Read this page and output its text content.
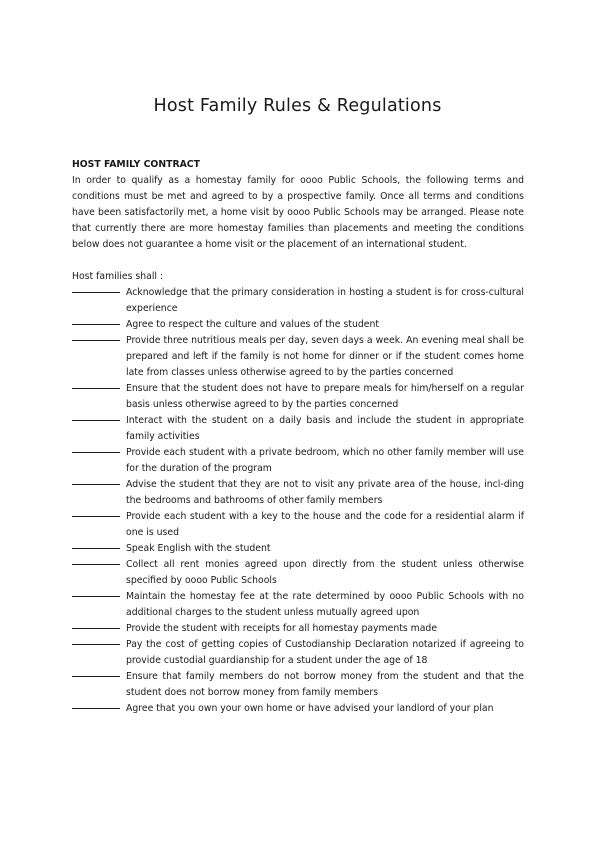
Host Family Rules & Regulations
HOST FAMILY CONTRACT
In order to qualify as a homestay family for oooo Public Schools, the following terms and conditions must be met and agreed to by a prospective family. Once all terms and conditions have been satisfactorily met, a home visit by oooo Public Schools may be arranged. Please note that currently there are more homestay families than placements and meeting the conditions below does not guarantee a home visit or the placement of an international student.
Host families shall :
Acknowledge that the primary consideration in hosting a student is for cross-cultural experience
Agree to respect the culture and values of the student
Provide three nutritious meals per day, seven days a week. An evening meal shall be prepared and left if the family is not home for dinner or if the student comes home late from classes unless otherwise agreed to by the parties concerned
Ensure that the student does not have to prepare meals for him/herself on a regular basis unless otherwise agreed to by the parties concerned
Interact with the student on a daily basis and include the student in appropriate family activities
Provide each student with a private bedroom, which no other family member will use for the duration of the program
Advise the student that they are not to visit any private area of the house, incl-ding the bedrooms and bathrooms of other family members
Provide each student with a key to the house and the code for a residential alarm if one is used
Speak English with the student
Collect all rent monies agreed upon directly from the student unless otherwise specified by oooo Public Schools
Maintain the homestay fee at the rate determined by oooo Public Schools with no additional charges to the student unless mutually agreed upon
Provide the student with receipts for all homestay payments made
Pay the cost of getting copies of Custodianship Declaration notarized if agreeing to provide custodial guardianship for a student under the age of 18
Ensure that family members do not borrow money from the student and that the student does not borrow money from family members
Agree that you own your own home or have advised your landlord of your plan
